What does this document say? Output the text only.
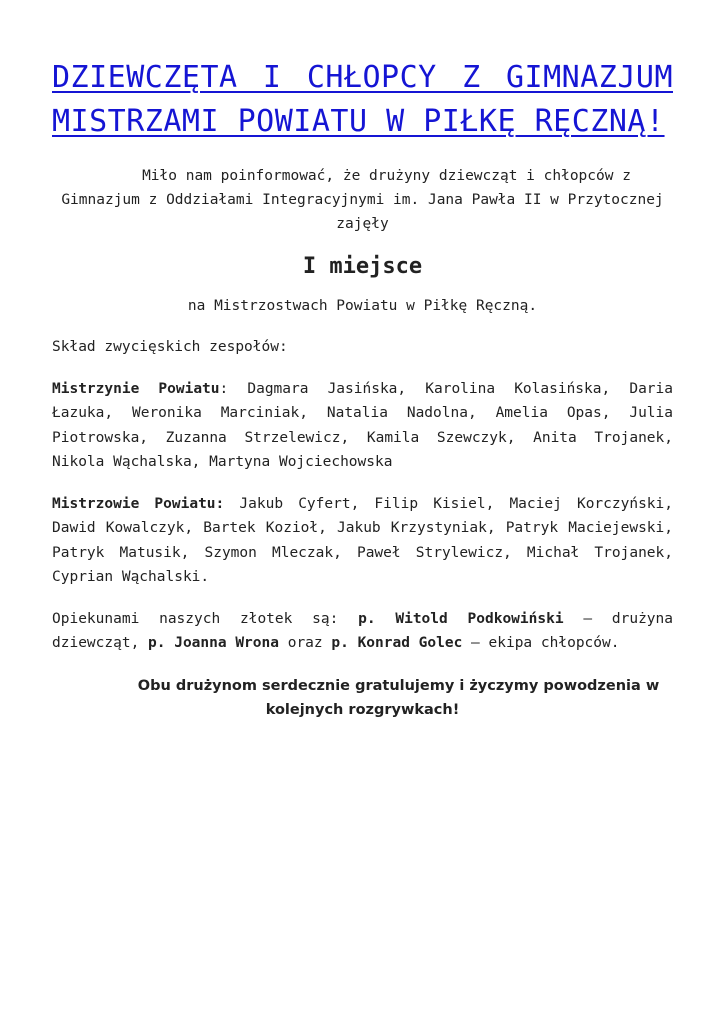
DZIEWCZĘTA I CHŁOPCY Z GIMNAZJUM MISTRZAMI POWIATU W PIŁKĘ RĘCZNĄ!

Miło nam poinformować, że drużyny dziewcząt i chłopców z Gimnazjum z Oddziałami Integracyjnymi im. Jana Pawła II w Przytocznej zajęły

I miejsce

na Mistrzostwach Powiatu w Piłkę Ręczną.

Skład zwycięskich zespołów:

Mistrzynie Powiatu: Dagmara Jasińska, Karolina Kolasińska, Daria Łazuka, Weronika Marciniak, Natalia Nadolna, Amelia Opas, Julia Piotrowska, Zuzanna Strzelewicz, Kamila Szewczyk, Anita Trojanek, Nikola Wąchalska, Martyna Wojciechowska

Mistrzowie Powiatu: Jakub Cyfert, Filip Kisiel, Maciej Korczyński, Dawid Kowalczyk, Bartek Kozioł, Jakub Krzystyniak, Patryk Maciejewski, Patryk Matusik, Szymon Mleczak, Paweł Strylewicz, Michał Trojanek, Cyprian Wąchalski.

Opiekunami naszych złotek są: p. Witold Podkowiński – drużyna dziewcząt, p. Joanna Wrona oraz p. Konrad Golec – ekipa chłopców.

Obu drużynom serdecznie gratulujemy i życzymy powodzenia w kolejnych rozgrywkach!
